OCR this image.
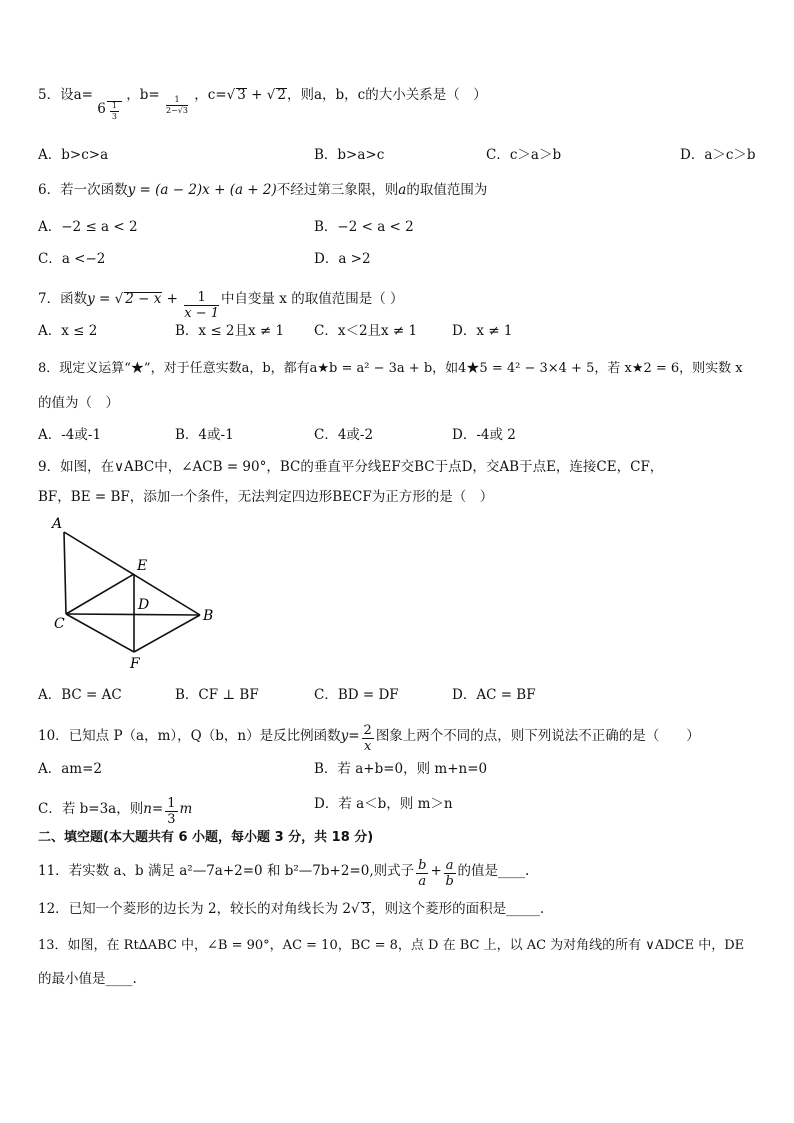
5．设$a= 6 \frac{1}{3}$
，b=
$\frac{1}{2-√3}$
，c=√ 3 + √ 2，则a，b，c的大小关系是（　）
A．b>c>a	B．b>a>c	C．c＞a＞b	D．a＞c＞b
6．若一次函数y = (a − 2)x + (a + 2)不经过第三象限，则a的取值范围为
A．−2 ≤ a < 2	B．−2 < a < 2
C．a <−2	D．a >2
7．函数y = √ $2 - x + \frac{1}{x - 1}$ 中自变量 x 的取值范围是（ ）
A．x ≤ 2	B．x ≤ 2且x ≠ 1 C．x＜2且x ≠ 1	D．x ≠ 1
8．现定义运算“★”，对于任意实数a，b，都有a★b = a² − 3a + b，如4★5 = 4² − 3×4 + 5，若 x★2 = 6，则实数 x
的值为（　）
A．-4或-1	B．4或-1	C．4或-2	D．-4或 2
9．如图，在∨ABC中，∠ACB = 90°，BC的垂直平分线EF交BC于点D，交AB于点E，连接CE，CF，
BF，BE = BF，添加一个条件，无法判定四边形BECF为正方形的是（　）
A
E
D
C	B
F
A．BC = AC	B．CF ⊥ BF	C．BD = DF	D．AC = BF
10．已知点 P（a，m），Q（b，n）是反比例函数$y= \frac{2}{x}$ 图象上两个不同的点，则下列说法不正确的是（　　）
A．am=2	B．若 a+b=0，则 m+n=0
C．若 b=3a，则$n= \frac{1}{3}$ m	D．若 a＜b，则 m＞n
二、填空题(本大题共有 6 小题，每小题 3 分，共 18 分)
11．若实数 a、b 满足 a²—7a+2=0 和 b²—7b+2=0,则式子 $\frac{b}{a} + \frac{a}{b}$ 的值是____.
12．已知一个菱形的边长为 2，较长的对角线长为 2√ 3，则这个菱形的面积是_____.
13．如图，在 Rt∆ABC 中，∠B = 90°，AC = 10，BC = 8，点 D 在 BC 上，以 AC 为对角线的所有 ∨ADCE 中，DE
的最小值是____.
